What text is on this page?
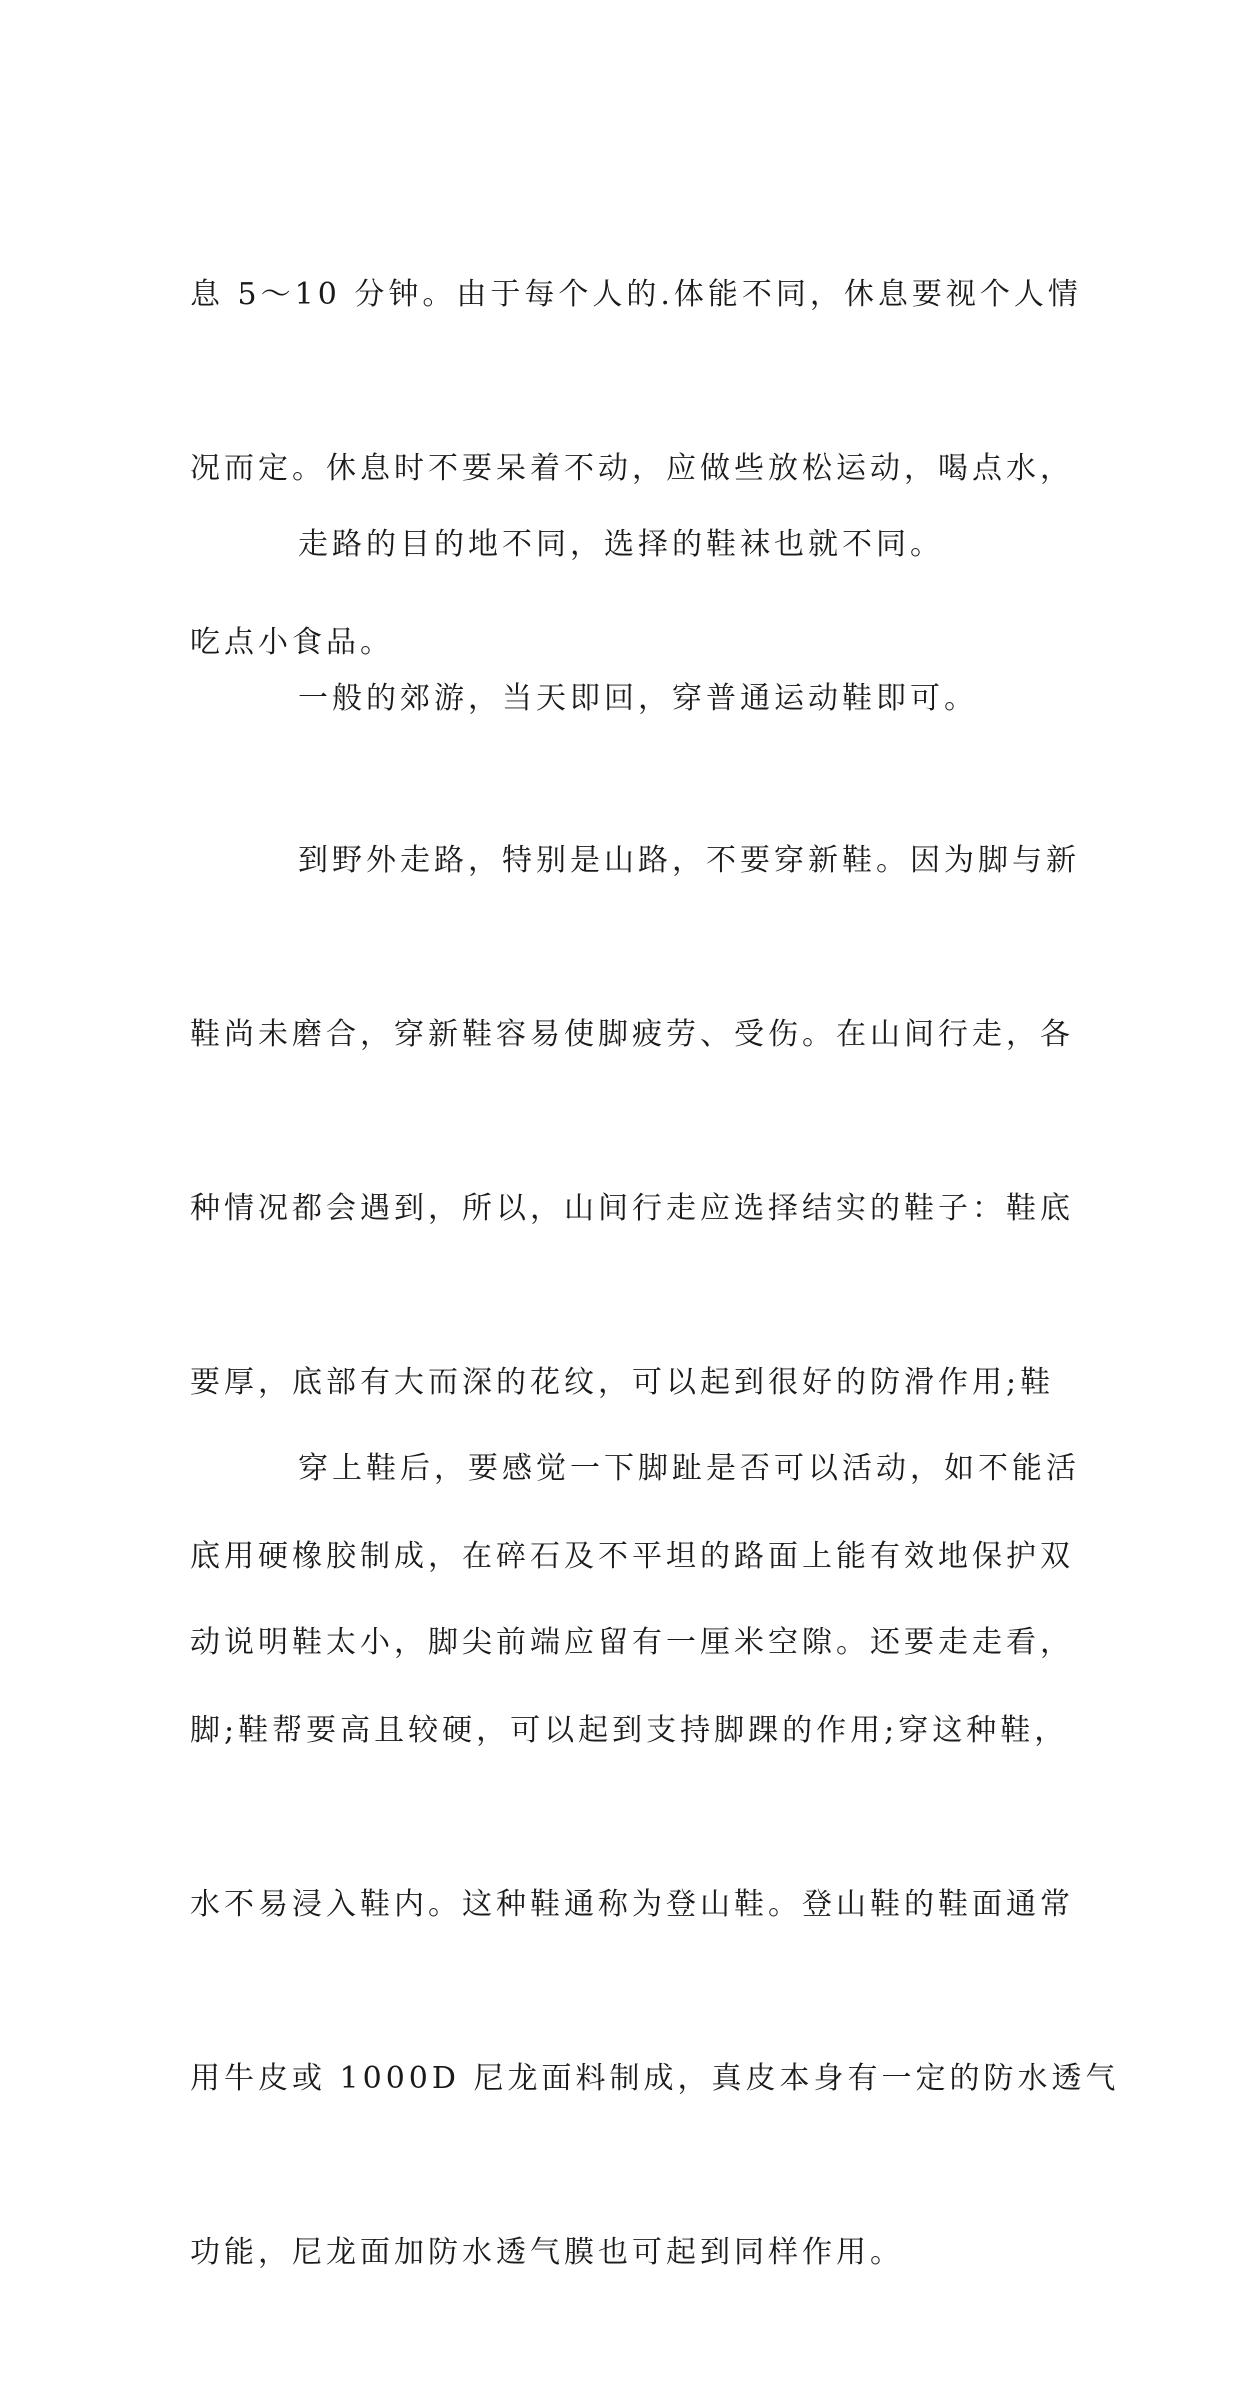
息 5～10 分钟。由于每个人的.体能不同，休息要视个人情

况而定。休息时不要呆着不动，应做些放松运动，喝点水，

吃点小食品。

走路的目的地不同，选择的鞋袜也就不同。

一般的郊游，当天即回，穿普通运动鞋即可。

到野外走路，特别是山路，不要穿新鞋。因为脚与新

鞋尚未磨合，穿新鞋容易使脚疲劳、受伤。在山间行走，各

种情况都会遇到，所以，山间行走应选择结实的鞋子：鞋底

要厚，底部有大而深的花纹，可以起到很好的防滑作用;鞋

底用硬橡胶制成，在碎石及不平坦的路面上能有效地保护双

脚;鞋帮要高且较硬，可以起到支持脚踝的作用;穿这种鞋，

水不易浸入鞋内。这种鞋通称为登山鞋。登山鞋的鞋面通常

用牛皮或 1000D 尼龙面料制成，真皮本身有一定的防水透气

功能，尼龙面加防水透气膜也可起到同样作用。

穿上鞋后，要感觉一下脚趾是否可以活动，如不能活

动说明鞋太小，脚尖前端应留有一厘米空隙。还要走走看，
